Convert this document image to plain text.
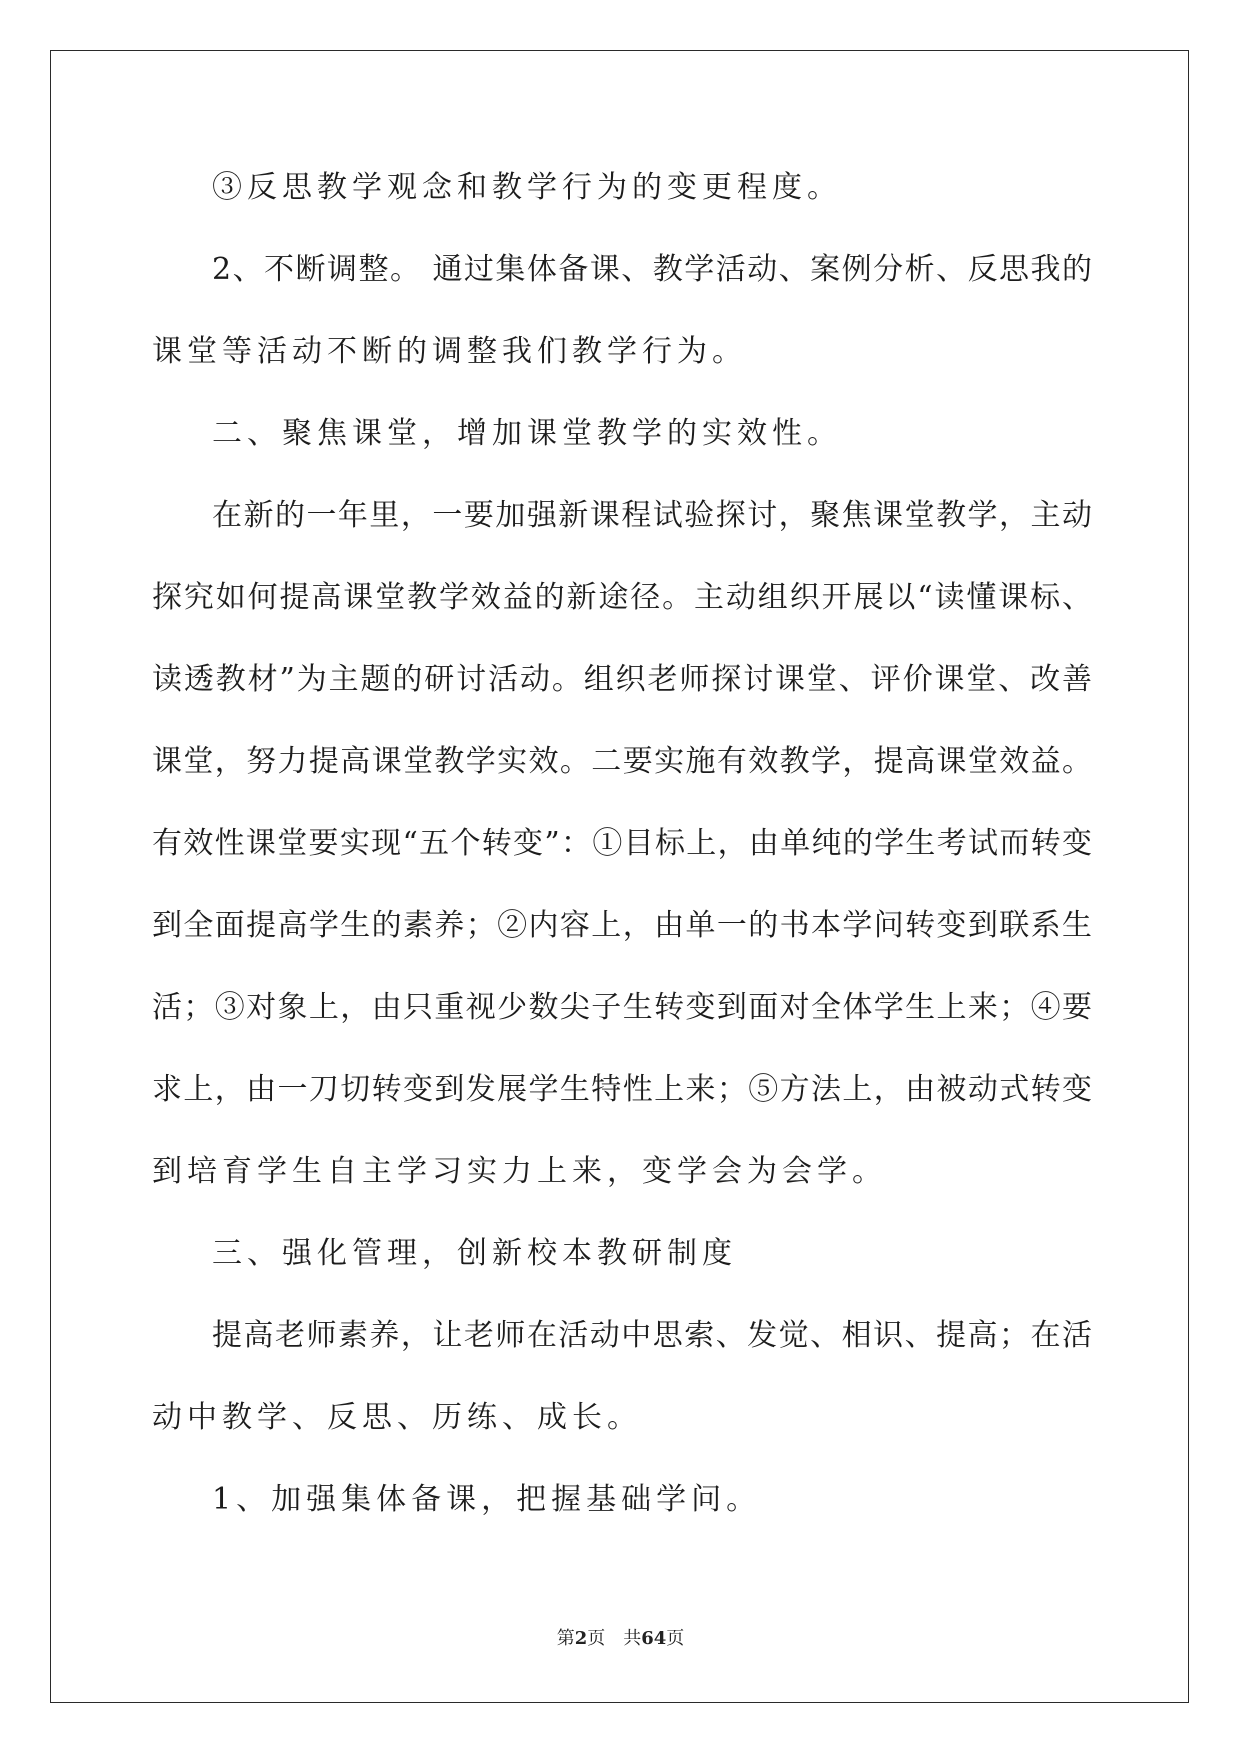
③反思教学观念和教学行为的变更程度。
2、不断调整。 通过集体备课、教学活动、案例分析、反思我的
课堂等活动不断的调整我们教学行为。
二、聚焦课堂，增加课堂教学的实效性。
在新的一年里，一要加强新课程试验探讨，聚焦课堂教学，主动
探究如何提高课堂教学效益的新途径。主动组织开展以“读懂课标、
读透教材”为主题的研讨活动。组织老师探讨课堂、评价课堂、改善
课堂，努力提高课堂教学实效。二要实施有效教学，提高课堂效益。
有效性课堂要实现“五个转变”：①目标上，由单纯的学生考试而转变
到全面提高学生的素养；②内容上，由单一的书本学问转变到联系生
活；③对象上，由只重视少数尖子生转变到面对全体学生上来；④要
求上，由一刀切转变到发展学生特性上来；⑤方法上，由被动式转变
到培育学生自主学习实力上来，变学会为会学。
三、强化管理，创新校本教研制度
提高老师素养，让老师在活动中思索、发觉、相识、提高；在活
动中教学、反思、历练、成长。
1、加强集体备课，把握基础学问。
第2页　共64页
